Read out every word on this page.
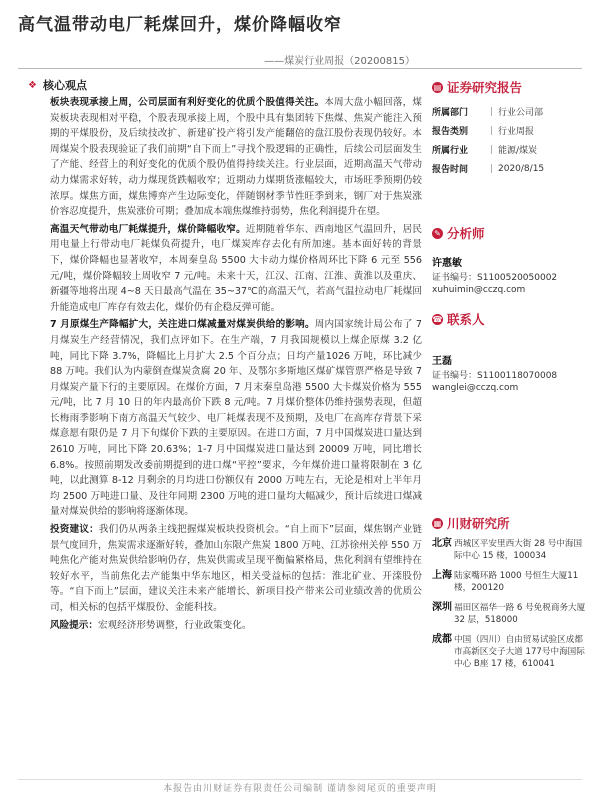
高气温带动电厂耗煤回升，煤价降幅收窄
——煤炭行业周报（20200815）
❖ 核心观点

板块表现承接上周，公司层面有利好变化的优质个股值得关注。本周大盘小幅回落，煤炭板块表现相对平稳，个股表现承接上周，个股中具有集团转下焦煤、焦炭产能注入预期的平煤股份，及后续技改扩、新建矿投产将引发产能翻倍的盘江股份表现仍较好。本周煤炭个股表现验证了我们前期“自下而上”寻找个股逻辑的正确性，后续公司层面发生了产能、经营上的利好变化的优质个股仍值得持续关注。行业层面，近期高温天气带动动力煤需求好转，动力煤现货跌幅收窄；近期动力煤期货涨幅较大，市场旺季预期仍较浓厚。煤焦方面，煤焦博弈产生边际变化，伴随钢材季节性旺季到来，钢厂对于焦炭涨价容忍度提升，焦炭涨价可期；叠加成本端焦煤维持弱势，焦化利润提升在望。

高温天气带动电厂耗煤提升，煤价降幅收窄。近期随着华东、西南地区气温回升，居民用电量上行带动电厂耗煤负荷提升，电厂煤炭库存去化有所加速。基本面好转的背景下，煤价降幅也显著收窄，本周秦皇岛 5500 大卡动力煤价格周环比下降 6 元至 556 元/吨，煤价降幅较上周收窄 7 元/吨。未来十天，江汉、江南、江淮、黄淮以及重庆、新疆等地将出现 4~8 天日最高气温在 35~37℃的高温天气，若高气温拉动电厂耗煤回升能造成电厂库存有效去化，煤价仍有企稳反弹可能。

7 月原煤生产降幅扩大，关注进口煤减量对煤炭供给的影响。周内国家统计局公布了 7 月煤炭生产经营情况，我们点评如下。在生产端，7 月我国规模以上煤企原煤 3.2 亿吨，同比下降 3.7%，降幅比上月扩大 2.5 个百分点；日均产量1026 万吨，环比减少 88 万吨。我们认为内蒙倒查煤炭贪腐 20 年、及鄂尔多斯地区煤矿煤管票严格是导致 7 月煤炭产量下行的主要原因。在煤价方面，7 月末秦皇岛港 5500 大卡煤炭价格为 555 元/吨，比 7 月 10 日的年内最高价下跌 8 元/吨。7 月煤价整体仍维持强势表现，但超长梅雨季影响下南方高温天气较少、电厂耗煤表现不及预期，及电厂在高库存背景下采煤意愿有限仍是 7 月下旬煤价下跌的主要原因。在进口方面，7 月中国煤炭进口量达到 2610 万吨，同比下降 20.63%；1-7 月中国煤炭进口量达到 20009 万吨，同比增长 6.8%。按照前期发改委前期提到的进口煤“平控”要求，今年煤价进口量将限制在 3 亿吨，以此测算 8-12 月剩余的月均进口份额仅有 2000 万吨左右，无论是相对上半年月均 2500 万吨进口量、及往年同期 2300 万吨的进口量均大幅减少，预计后续进口煤减量对煤炭供给的影响将逐渐体现。

投资建议：我们仍从两条主线把握煤炭板块投资机会。“自上而下”层面，煤焦钢产业链景气度回升，焦炭需求逐渐好转，叠加山东限产焦炭 1800 万吨、江苏徐州关停 550 万吨焦化产能对焦炭供给影响仍存，焦炭供需或呈现平衡偏紧格局，焦化利润有望维持在较好水平，当前焦化去产能集中华东地区，相关受益标的包括：淮北矿业、开滦股份等。“自下而上”层面，建议关注未来产能增长、新项目投产带来公司业绩改善的优质公司，相关标的包括平煤股份、金能科技。

风险提示：宏观经济形势调整，行业政策变化。

▤ 证券研究报告
所属部门	| 行业公司部
报告类别	| 行业周报
所属行业	| 能源/煤炭
报告时间	| 2020/8/15
✎ 分析师
许惠敏
证书编号：S1100520050002
xuhuimin@cczq.com
☎ 联系人
王磊
证书编号：S1100118070008
wanglei@cczq.com
▦ 川财研究所
北京 西城区平安里西大街 28 号中海国际中心 15 楼，100034
上海 陆家嘴环路 1000 号恒生大厦11 楼，200120
深圳 福田区福华一路 6 号免税商务大厦 32 层，518000
成都 中国（四川）自由贸易试验区成都市高新区交子大道 177号中海国际中心 B座 17 楼，610041
本报告由川财证券有限责任公司编制 谨请参阅尾页的重要声明
